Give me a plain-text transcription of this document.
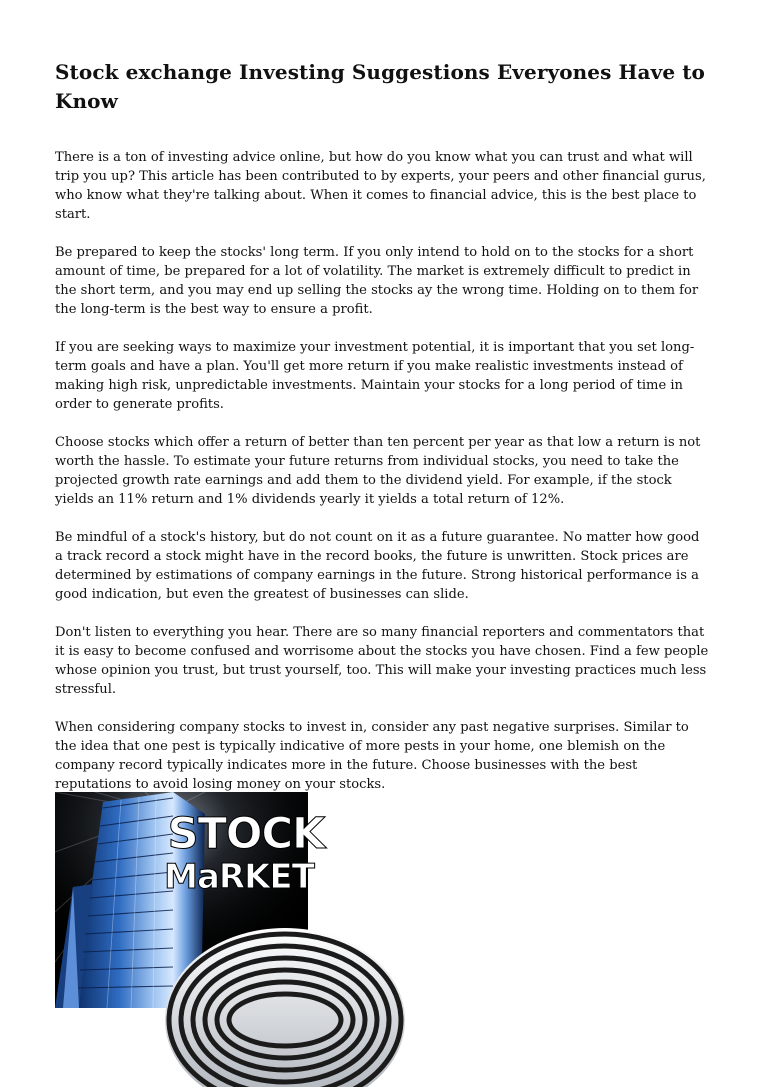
Stock exchange Investing Suggestions Everyones Have to Know

There is a ton of investing advice online, but how do you know what you can trust and what will trip you up? This article has been contributed to by experts, your peers and other financial gurus, who know what they're talking about. When it comes to financial advice, this is the best place to start.

Be prepared to keep the stocks' long term. If you only intend to hold on to the stocks for a short amount of time, be prepared for a lot of volatility. The market is extremely difficult to predict in the short term, and you may end up selling the stocks ay the wrong time. Holding on to them for the long-term is the best way to ensure a profit.

If you are seeking ways to maximize your investment potential, it is important that you set long-term goals and have a plan. You'll get more return if you make realistic investments instead of making high risk, unpredictable investments. Maintain your stocks for a long period of time in order to generate profits.

Choose stocks which offer a return of better than ten percent per year as that low a return is not worth the hassle. To estimate your future returns from individual stocks, you need to take the projected growth rate earnings and add them to the dividend yield. For example, if the stock yields an 11% return and 1% dividends yearly it yields a total return of 12%.

Be mindful of a stock's history, but do not count on it as a future guarantee. No matter how good a track record a stock might have in the record books, the future is unwritten. Stock prices are determined by estimations of company earnings in the future. Strong historical performance is a good indication, but even the greatest of businesses can slide.

Don't listen to everything you hear. There are so many financial reporters and commentators that it is easy to become confused and worrisome about the stocks you have chosen. Find a few people whose opinion you trust, but trust yourself, too. This will make your investing practices much less stressful.

When considering company stocks to invest in, consider any past negative surprises. Similar to the idea that one pest is typically indicative of more pests in your home, one blemish on the company record typically indicates more in the future. Choose businesses with the best reputations to avoid losing money on your stocks.

STOCK
MaRKET
